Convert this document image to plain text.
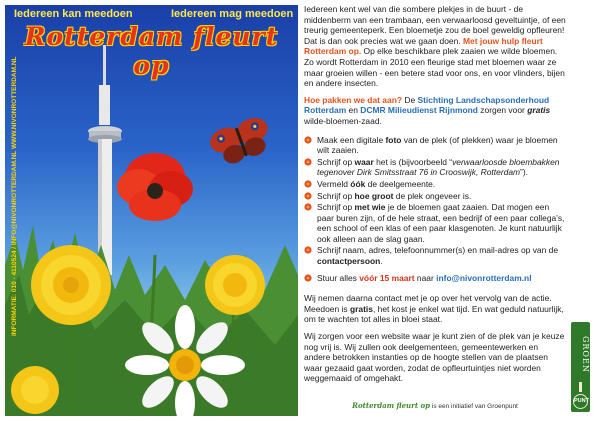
Iedereen kan meedoen	Iedereen mag meedoen
Rotterdam fleurt op
INFORMATIE: 010 - 4110524 / INFO@NIVONROTTERDAM.NL WWW.NIVONROTTERDAM.NL

Iedereen kent wel van die sombere plekjes in de buurt - de middenberm van een trambaan, een verwaarloosd geveltuintje, of een treurig gemeenteperk. Een bloemetje zou de boel geweldig opfleuren! Dat is dan ook precies wat we gaan doen. Met jouw hulp fleurt Rotterdam op. Op elke beschikbare plek zaaien we wilde bloemen. Zo wordt Rotterdam in 2010 een fleurige stad met bloemen waar ze maar groeien willen - een betere stad voor ons, en voor vlinders, bijen en andere insecten.

Hoe pakken we dat aan? De Stichting Landschapsonderhoud Rotterdam en DCMR Milieudienst Rijnmond zorgen voor gratis wilde-bloemen-zaad.

Maak een digitale foto van de plek (of plekken) waar je bloemen wilt zaaien.
Schrijf op waar het is (bijvoorbeeld “verwaarloosde bloembakken tegenover Dirk Smitsstraat 76 in Crooswijk, Rotterdam”).
Vermeld óók de deelgemeente.
Schrijf op hoe groot de plek ongeveer is.
Schrijf op met wie je de bloemen gaat zaaien. Dat mogen een paar buren zijn, of de hele straat, een bedrijf of een paar collega's, een school of een klas of een paar klasgenoten. Je kunt natuurlijk ook alleen aan de slag gaan.
Schrijf naam, adres, telefoonnummer(s) en mail-adres op van de contactpersoon.
Stuur alles vóór 15 maart naar info@nivonrotterdam.nl

Wij nemen daarna contact met je op over het vervolg van de actie. Meedoen is gratis, het kost je enkel wat tijd. En wat geduld natuurlijk, om te wachten tot alles in bloei staat.

Wij zorgen voor een website waar je kunt zien of de plek van je keuze nog vrij is. Wij zullen ook deelgementeen, gemeentewerken en andere betrokken instanties op de hoogte stellen van de plaatsen waar gezaaid gaat worden, zodat de opfleurtuintjes niet worden weggemaaid of omgehakt.

Rotterdam fleurt op is een initiatief van Groenpunt
GROEN
PUNT
